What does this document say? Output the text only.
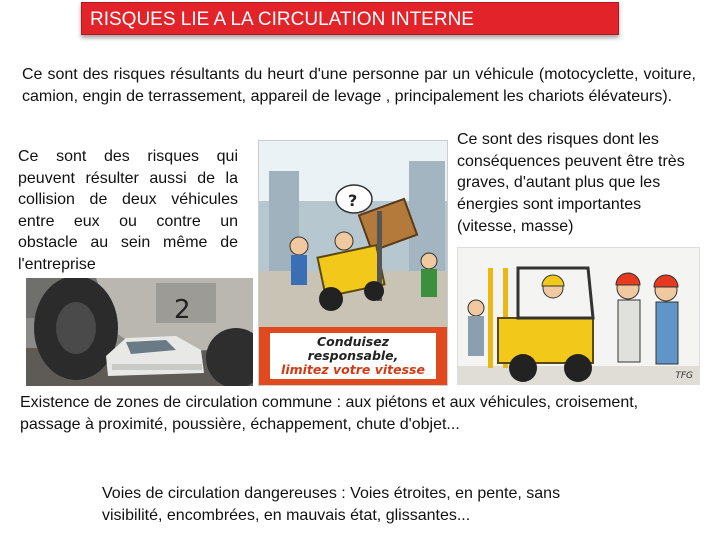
RISQUES LIE A LA CIRCULATION INTERNE
Ce sont des risques résultants du heurt d'une personne par un véhicule (motocyclette, voiture, camion, engin de terrassement, appareil de levage , principalement les chariots élévateurs).
Ce sont des risques qui peuvent résulter aussi de la collision de deux véhicules entre eux ou contre un obstacle au sein même de l'entreprise
Ce sont des risques dont les conséquences peuvent être très graves, d'autant plus que les énergies sont importantes (vitesse, masse)
2
?
Conduisez
responsable,
limitez votre vitesse	TFG
Existence de zones de circulation commune : aux piétons et aux véhicules, croisement, passage à proximité, poussière, échappement, chute d'objet...
Voies de circulation dangereuses : Voies étroites, en pente, sans visibilité, encombrées, en mauvais état, glissantes...
